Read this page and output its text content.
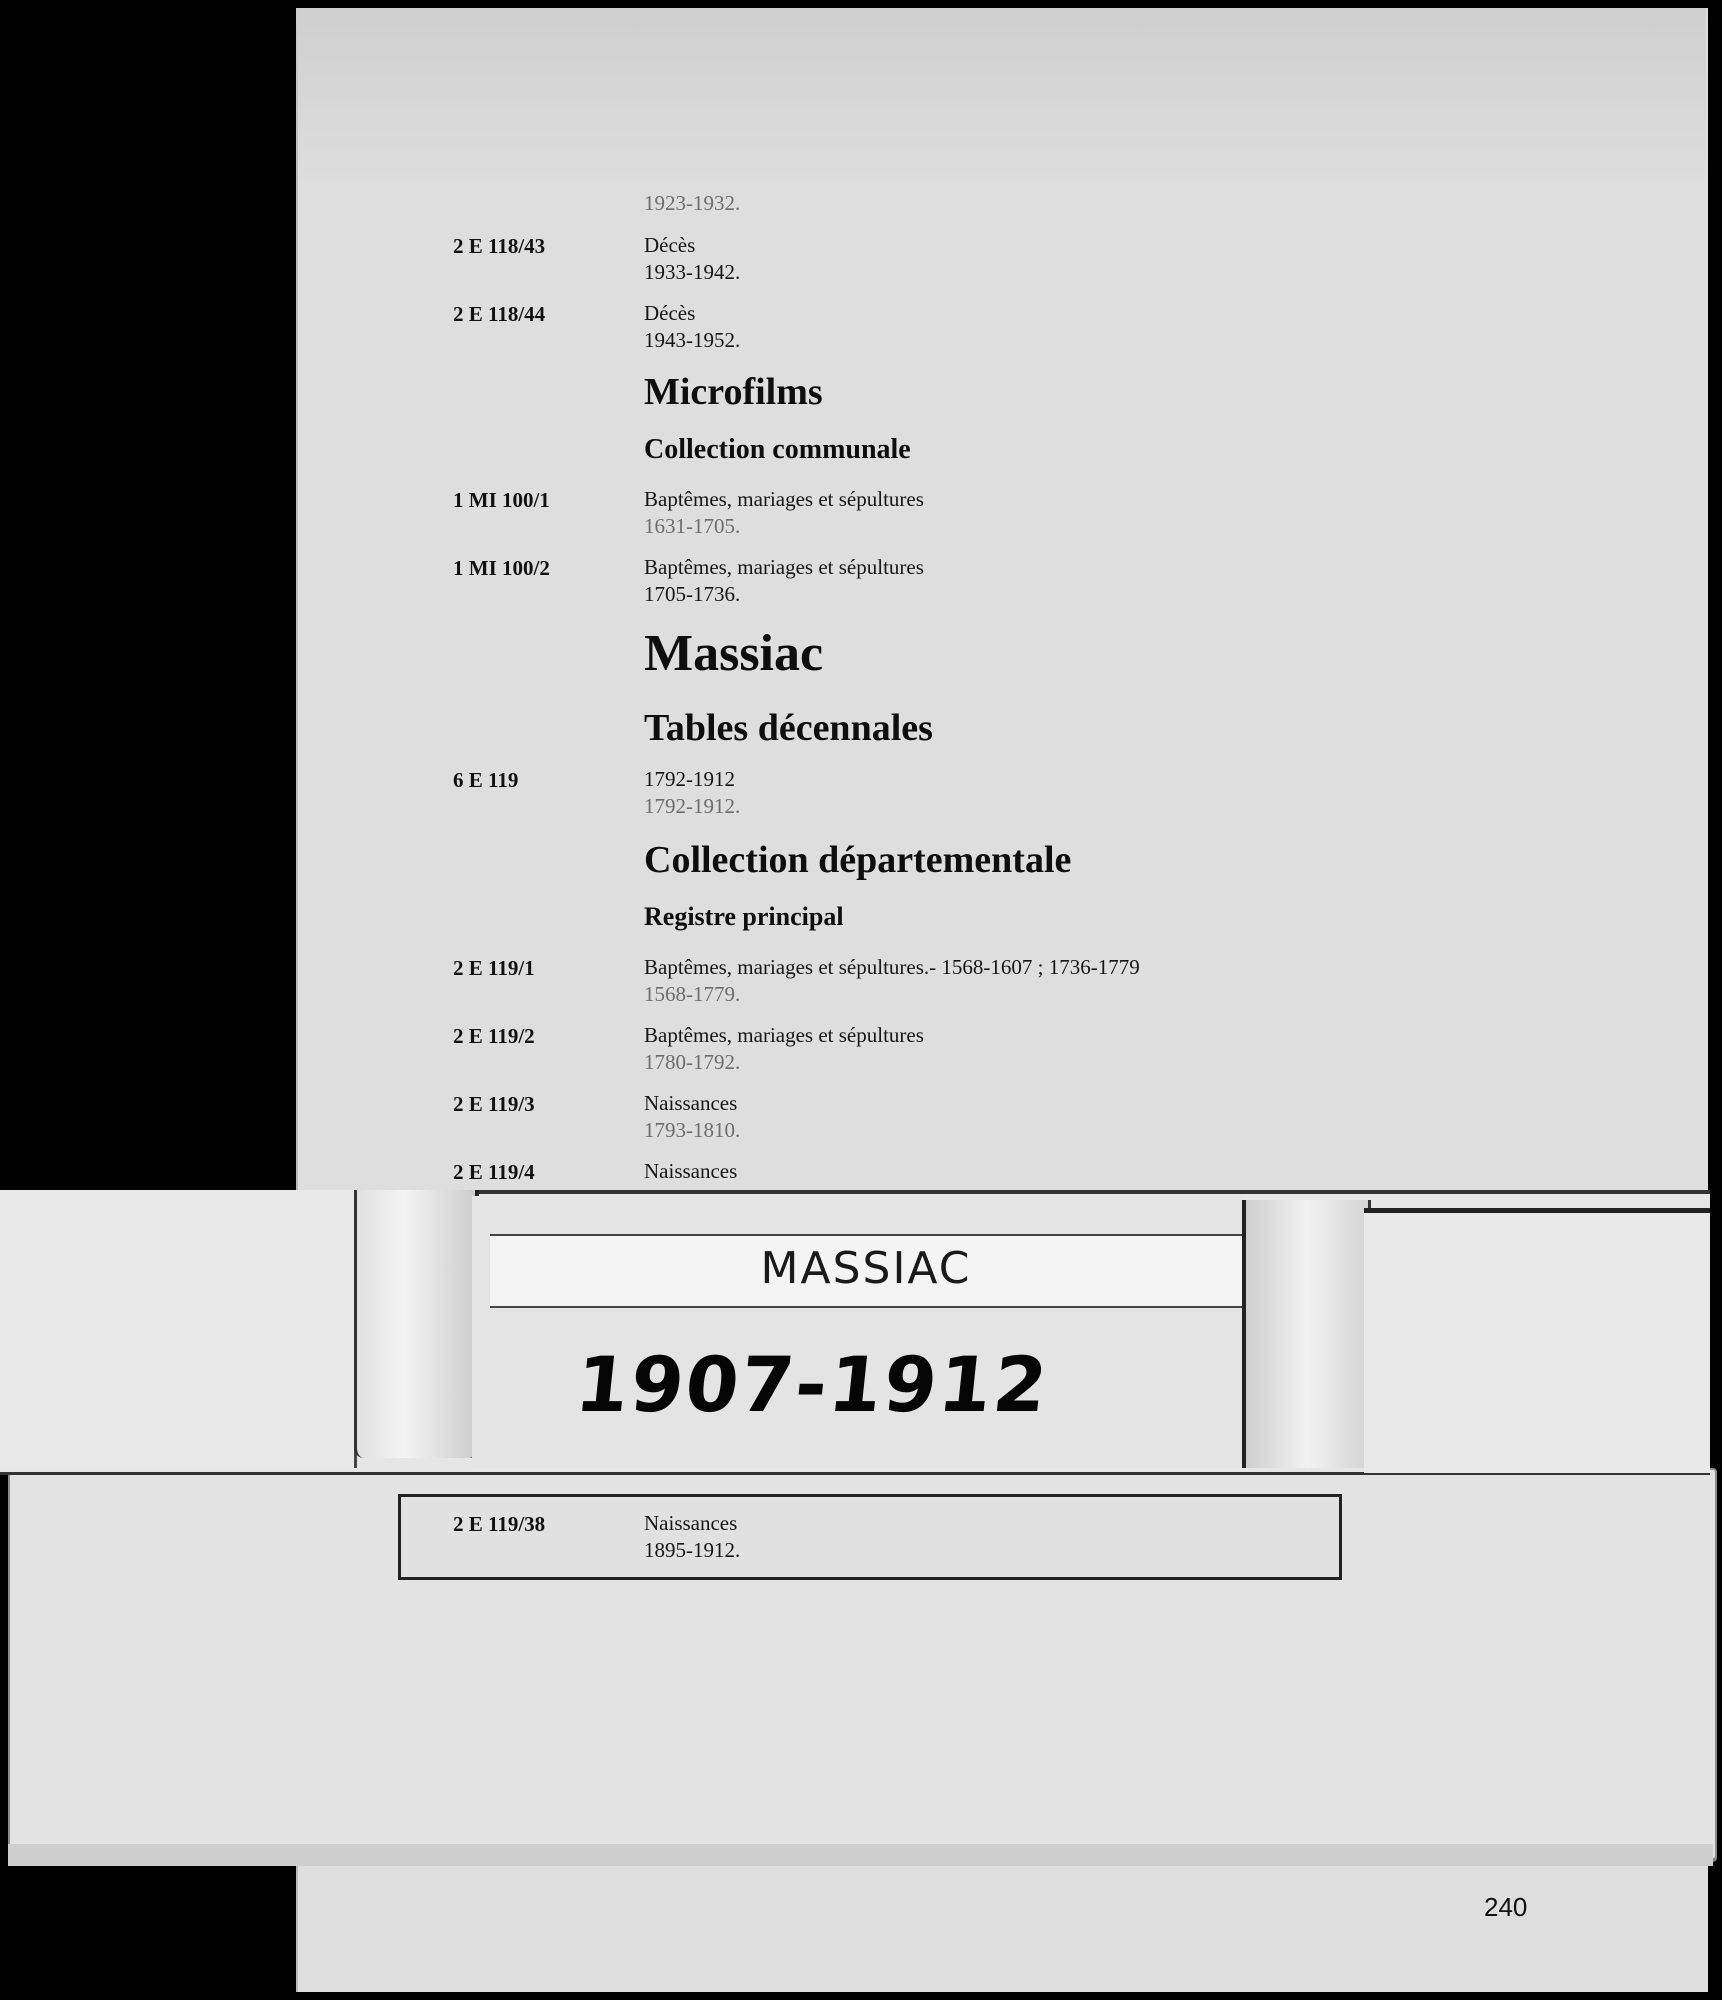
1923-1932.
2 E 118/43	Décès
1933-1942.
2 E 118/44	Décès
1943-1952.
Microfilms
Collection communale
1 MI 100/1	Baptêmes, mariages et sépultures
1631-1705.
1 MI 100/2	Baptêmes, mariages et sépultures
1705-1736.
Massiac
Tables décennales
6 E 119	1792-1912
1792-1912.
Collection départementale
Registre principal
2 E 119/1	Baptêmes, mariages et sépultures.- 1568-1607 ; 1736-1779
1568-1779.
2 E 119/2	Baptêmes, mariages et sépultures
1780-1792.
2 E 119/3	Naissances
1793-1810.
2 E 119/4	Naissances
2 E 119/38	Naissances
1895-1912.
MASSIAC
1907-1912
240
